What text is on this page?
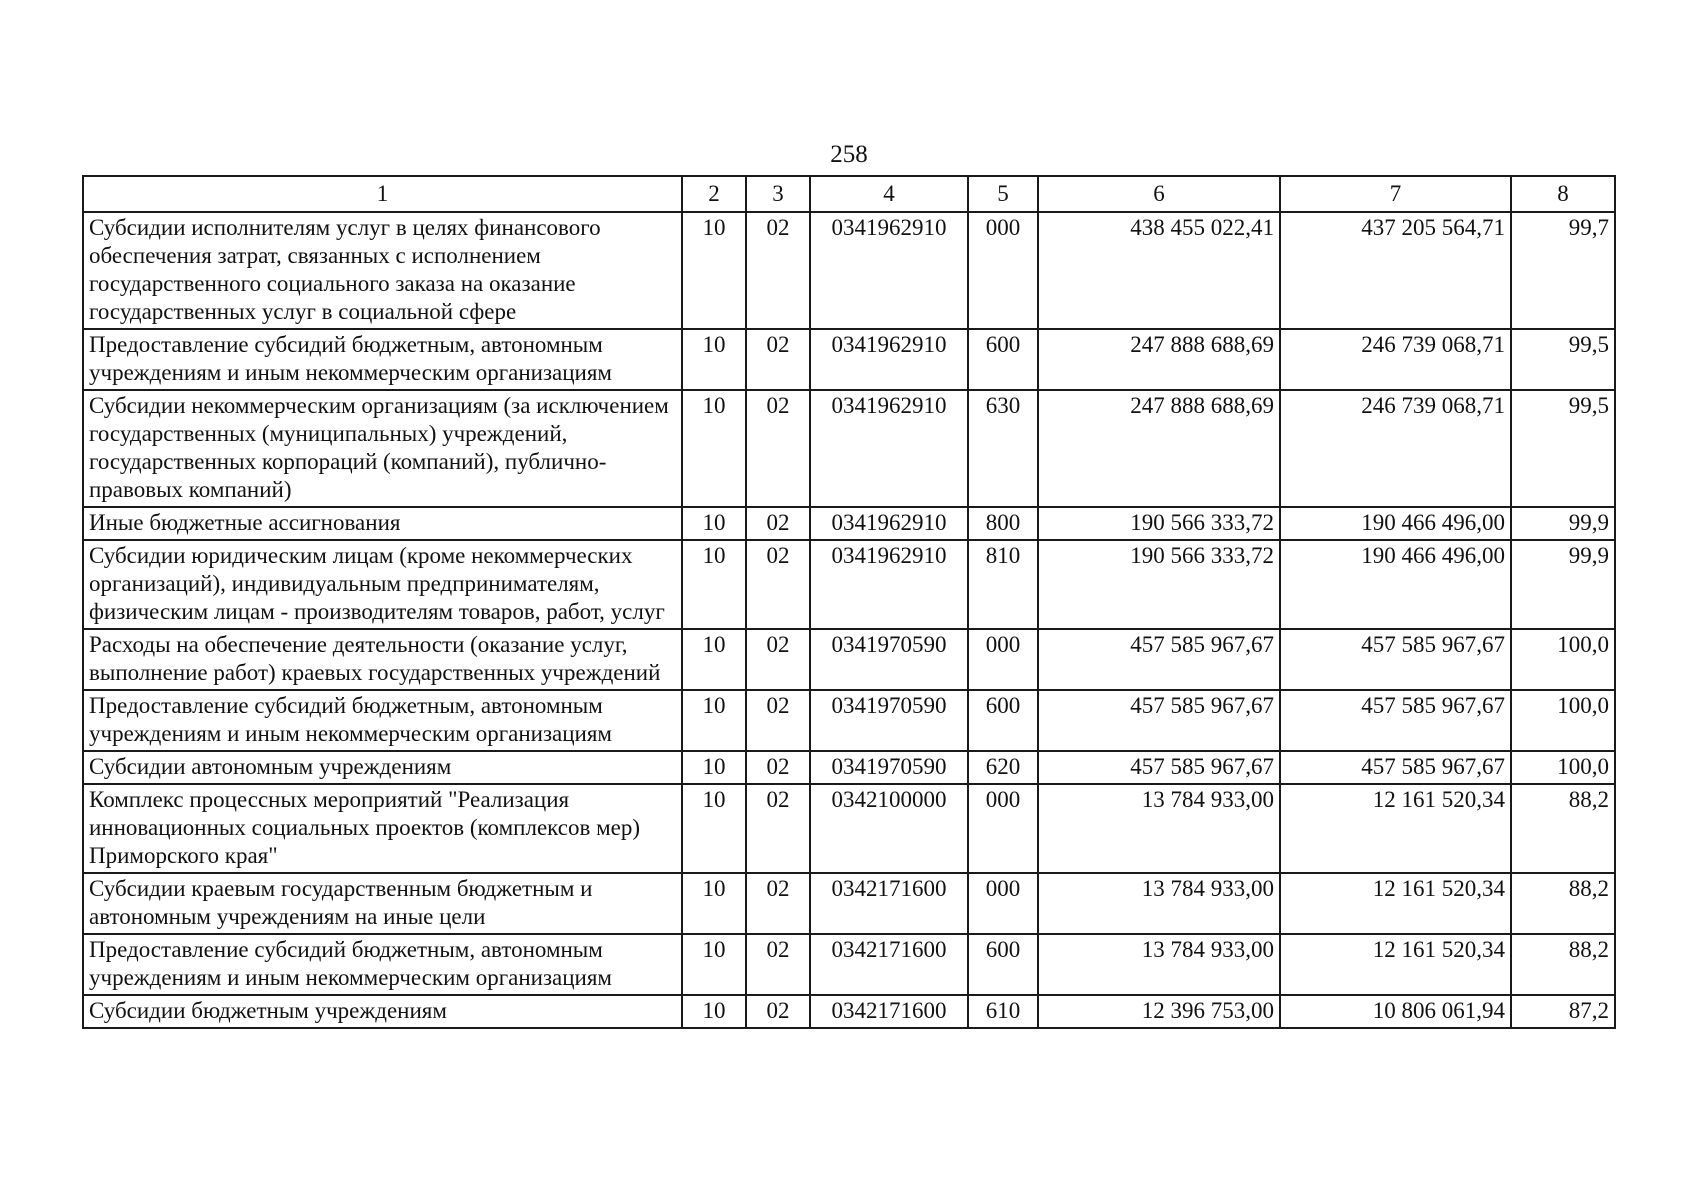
258
1	2	3	4	5	6	7	8
Субсидии исполнителям услуг в целях финансового обеспечения затрат, связанных с исполнением государственного социального заказа на оказание государственных услуг в социальной сфере	10	02	0341962910	000	438 455 022,41	437 205 564,71	99,7
Предоставление субсидий бюджетным, автономным учреждениям и иным некоммерческим организациям	10	02	0341962910	600	247 888 688,69	246 739 068,71	99,5
Субсидии некоммерческим организациям (за исключением государственных (муниципальных) учреждений, государственных корпораций (компаний), публично-правовых компаний)	10	02	0341962910	630	247 888 688,69	246 739 068,71	99,5
Иные бюджетные ассигнования	10	02	0341962910	800	190 566 333,72	190 466 496,00	99,9
Субсидии юридическим лицам (кроме некоммерческих организаций), индивидуальным предпринимателям, физическим лицам - производителям товаров, работ, услуг	10	02	0341962910	810	190 566 333,72	190 466 496,00	99,9
Расходы на обеспечение деятельности (оказание услуг, выполнение работ) краевых государственных учреждений	10	02	0341970590	000	457 585 967,67	457 585 967,67	100,0
Предоставление субсидий бюджетным, автономным учреждениям и иным некоммерческим организациям	10	02	0341970590	600	457 585 967,67	457 585 967,67	100,0
Субсидии автономным учреждениям	10	02	0341970590	620	457 585 967,67	457 585 967,67	100,0
Комплекс процессных мероприятий "Реализация инновационных социальных проектов (комплексов мер) Приморского края"	10	02	0342100000	000	13 784 933,00	12 161 520,34	88,2
Субсидии краевым государственным бюджетным и автономным учреждениям на иные цели	10	02	0342171600	000	13 784 933,00	12 161 520,34	88,2
Предоставление субсидий бюджетным, автономным учреждениям и иным некоммерческим организациям	10	02	0342171600	600	13 784 933,00	12 161 520,34	88,2
Субсидии бюджетным учреждениям	10	02	0342171600	610	12 396 753,00	10 806 061,94	87,2
